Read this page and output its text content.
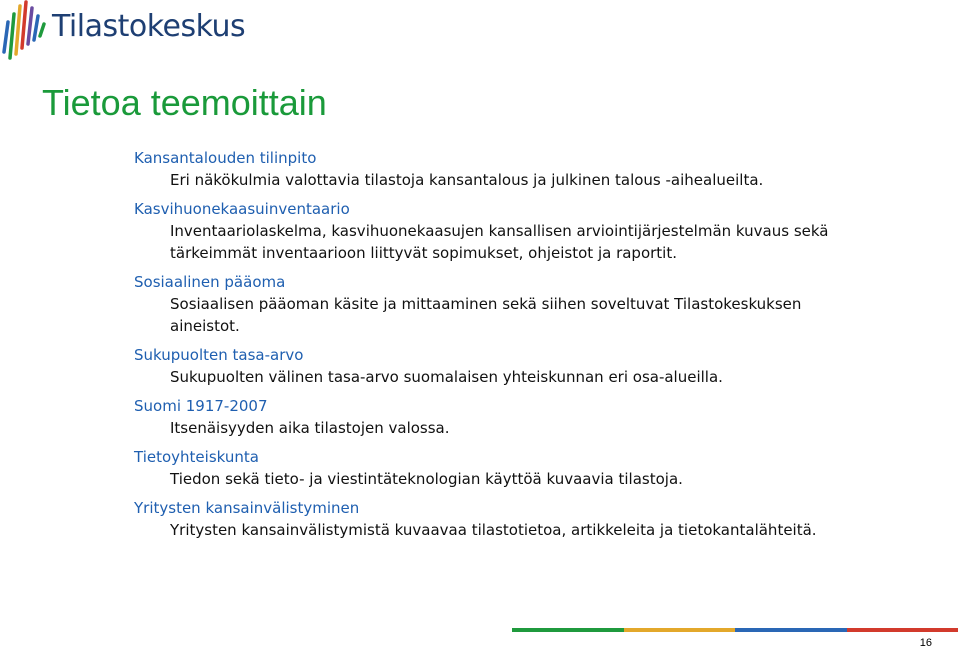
Tilastokeskus
Tietoa teemoittain
Kansantalouden tilinpito

Eri näkökulmia valottavia tilastoja kansantalous ja julkinen talous -aihealueilta.

Kasvihuonekaasuinventaario

Inventaariolaskelma, kasvihuonekaasujen kansallisen arviointijärjestelmän kuvaus sekä tärkeimmät inventaarioon liittyvät sopimukset, ohjeistot ja raportit.

Sosiaalinen pääoma

Sosiaalisen pääoman käsite ja mittaaminen sekä siihen soveltuvat Tilastokeskuksen aineistot.

Sukupuolten tasa-arvo

Sukupuolten välinen tasa-arvo suomalaisen yhteiskunnan eri osa-alueilla.

Suomi 1917-2007

Itsenäisyyden aika tilastojen valossa.

Tietoyhteiskunta

Tiedon sekä tieto- ja viestintäteknologian käyttöä kuvaavia tilastoja.

Yritysten kansainvälistyminen

Yritysten kansainvälistymistä kuvaavaa tilastotietoa, artikkeleita ja tietokantalähteitä.

16
